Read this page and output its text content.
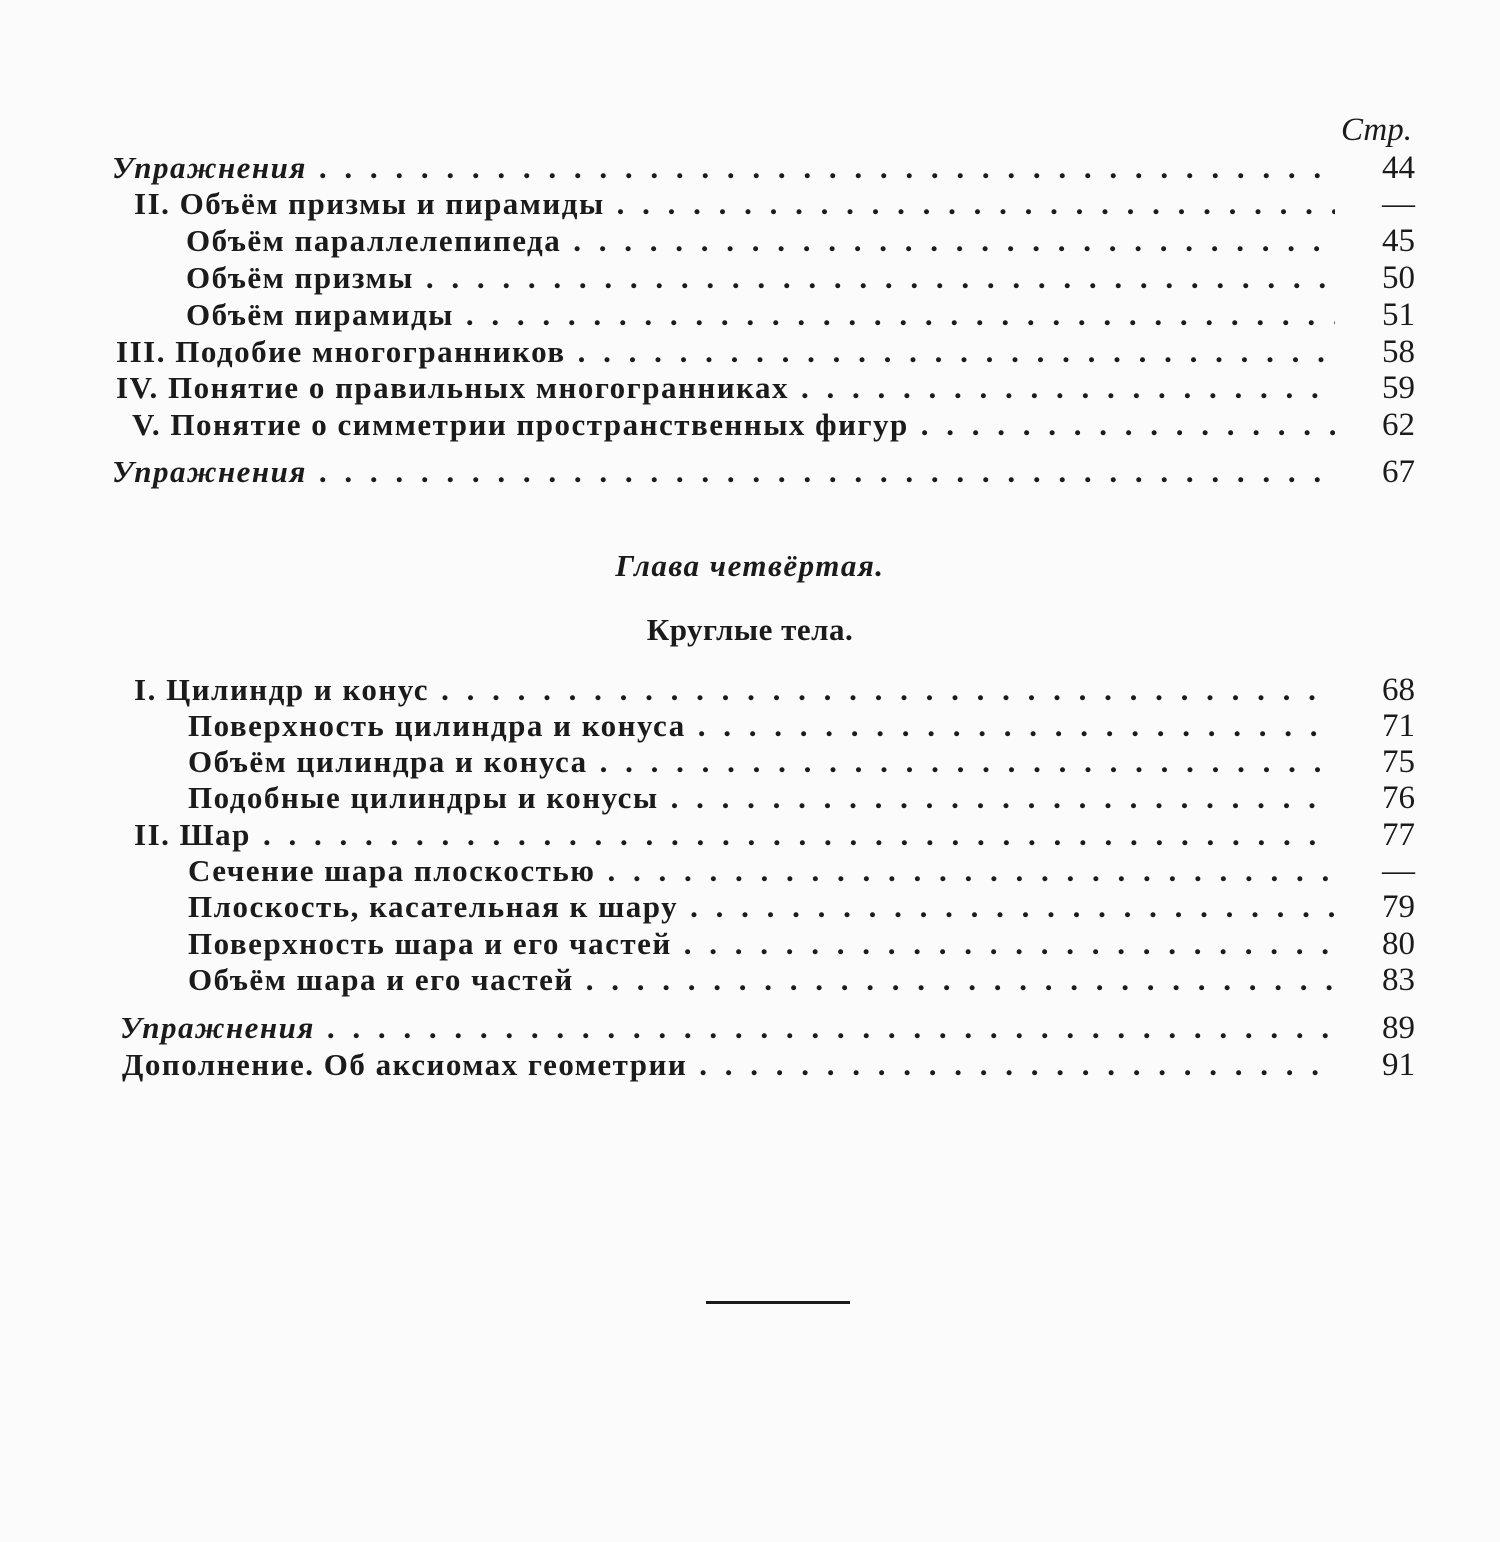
Стр.
Упражнения . . .	44
II. Объём призмы и пирамиды . . .	—
Объём параллелепипеда . . .	45
Объём призмы . . .	50
Объём пирамиды . . .	51
III. Подобие многогранников . . .	58
IV. Понятие о правильных многогранниках . . .	59
V. Понятие о симметрии пространственных фигур . . .	62
Упражнения . . .	67
Глава четвёртая.
Круглые тела.
I. Цилиндр и конус . . .	68
Поверхность цилиндра и конуса . . .	71
Объём цилиндра и конуса . . .	75
Подобные цилиндры и конусы . . .	76
II. Шар . . .	77
Сечение шара плоскостью . . .	—
Плоскость, касательная к шару . . .	79
Поверхность шара и его частей . . .	80
Объём шара и его частей . . .	83
Упражнения . . .	89
Дополнение. Об аксиомах геометрии . . .	91
